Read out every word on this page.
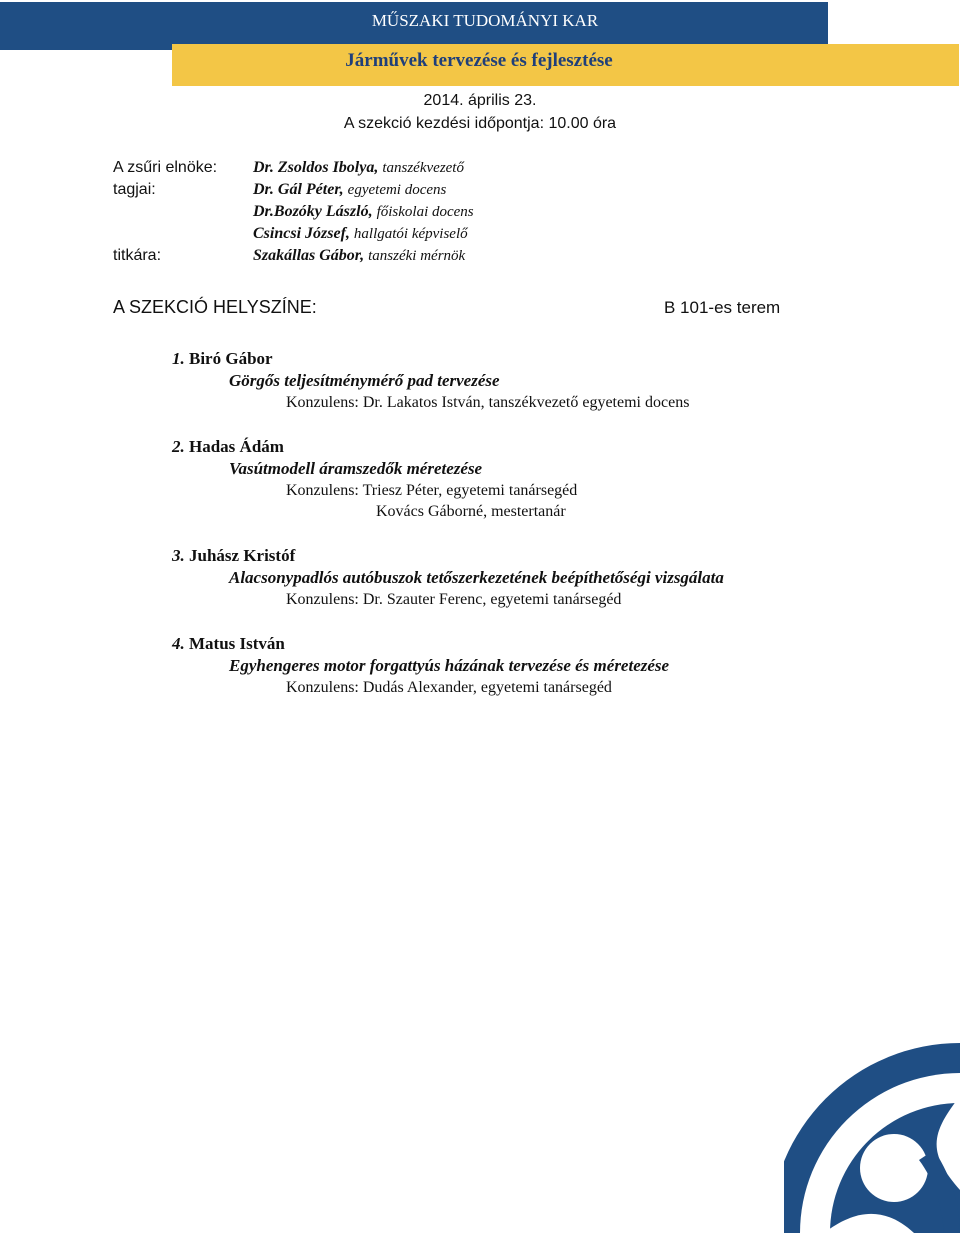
MŰSZAKI TUDOMÁNYI KAR
Járművek tervezése és fejlesztése
2014. április 23.
A szekció kezdési időpontja: 10.00 óra
A zsűri elnöke:
tagjai:
titkára:
Dr. Zsoldos Ibolya, tanszékvezető
Dr. Gál Péter, egyetemi docens
Dr.Bozóky László, főiskolai docens
Csincsi József, hallgatói képviselő
Szakállas Gábor, tanszéki mérnök
A SZEKCIÓ HELYSZÍNE:	B 101-es terem
1. Biró Gábor
Görgős teljesítménymérő pad tervezése
Konzulens: Dr. Lakatos István, tanszékvezető egyetemi docens
2. Hadas Ádám
Vasútmodell áramszedők méretezése
Konzulens: Triesz Péter, egyetemi tanársegéd
Kovács Gáborné, mestertanár
3. Juhász Kristóf
Alacsonypadlós autóbuszok tetőszerkezetének beépíthetőségi vizsgálata
Konzulens: Dr. Szauter Ferenc, egyetemi tanársegéd
4. Matus István
Egyhengeres motor forgattyús házának tervezése és méretezése
Konzulens: Dudás Alexander, egyetemi tanársegéd
